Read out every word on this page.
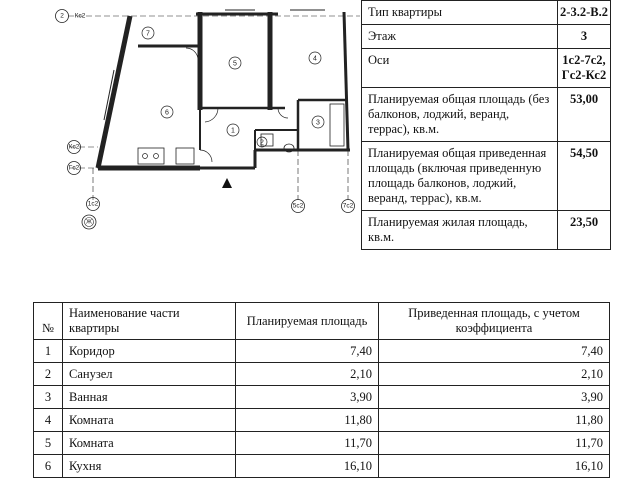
1
2
3
4
5
6
7
2 Кс2
Кс2
Гс2
1с2
Ж
5с2	7с2
Тип квартиры	2-3.2-В.2
Этаж	3
Оси	1с2-7с2, Гс2-Кс2
Планируемая общая площадь (без балконов, лоджий, веранд, террас), кв.м.	53,00
Планируемая общая приведенная площадь (включая приведенную площадь балконов, лоджий, веранд, террас), кв.м.	54,50
Планируемая жилая площадь, кв.м.	23,50
№	Наименование части квартиры	Планируемая площадь	Приведенная площадь, с учетом коэффициента
1	Коридор	7,40	7,40
2	Санузел	2,10	2,10
3	Ванная	3,90	3,90
4	Комната	11,80	11,80
5	Комната	11,70	11,70
6	Кухня	16,10	16,10
